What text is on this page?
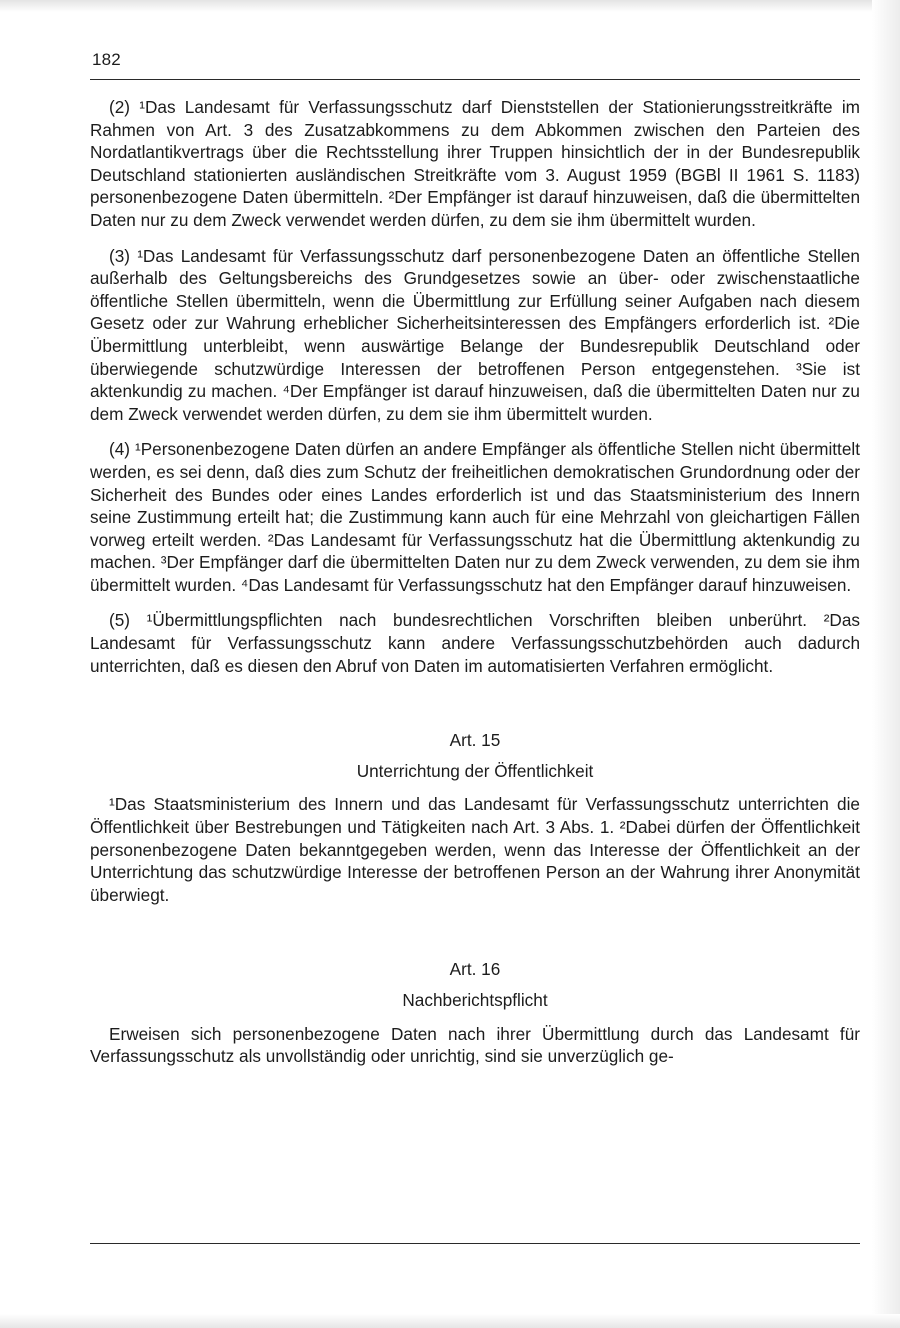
182

(2) ¹Das Landesamt für Verfassungsschutz darf Dienststellen der Stationierungsstreitkräfte im Rahmen von Art. 3 des Zusatzabkommens zu dem Abkommen zwischen den Parteien des Nordatlantikvertrags über die Rechtsstellung ihrer Truppen hinsichtlich der in der Bundesrepublik Deutschland stationierten ausländischen Streitkräfte vom 3. August 1959 (BGBl II 1961 S. 1183) personenbezogene Daten übermitteln. ²Der Empfänger ist darauf hinzuweisen, daß die übermittelten Daten nur zu dem Zweck verwendet werden dürfen, zu dem sie ihm übermittelt wurden.

(3) ¹Das Landesamt für Verfassungsschutz darf personenbezogene Daten an öffentliche Stellen außerhalb des Geltungsbereichs des Grundgesetzes sowie an über- oder zwischenstaatliche öffentliche Stellen übermitteln, wenn die Übermittlung zur Erfüllung seiner Aufgaben nach diesem Gesetz oder zur Wahrung erheblicher Sicherheitsinteressen des Empfängers erforderlich ist. ²Die Übermittlung unterbleibt, wenn auswärtige Belange der Bundesrepublik Deutschland oder überwiegende schutzwürdige Interessen der betroffenen Person entgegenstehen. ³Sie ist aktenkundig zu machen. ⁴Der Empfänger ist darauf hinzuweisen, daß die übermittelten Daten nur zu dem Zweck verwendet werden dürfen, zu dem sie ihm übermittelt wurden.

(4) ¹Personenbezogene Daten dürfen an andere Empfänger als öffentliche Stellen nicht übermittelt werden, es sei denn, daß dies zum Schutz der freiheitlichen demokratischen Grundordnung oder der Sicherheit des Bundes oder eines Landes erforderlich ist und das Staatsministerium des Innern seine Zustimmung erteilt hat; die Zustimmung kann auch für eine Mehrzahl von gleichartigen Fällen vorweg erteilt werden. ²Das Landesamt für Verfassungsschutz hat die Übermittlung aktenkundig zu machen. ³Der Empfänger darf die übermittelten Daten nur zu dem Zweck verwenden, zu dem sie ihm übermittelt wurden. ⁴Das Landesamt für Verfassungsschutz hat den Empfänger darauf hinzuweisen.

(5) ¹Übermittlungspflichten nach bundesrechtlichen Vorschriften bleiben unberührt. ²Das Landesamt für Verfassungsschutz kann andere Verfassungsschutzbehörden auch dadurch unterrichten, daß es diesen den Abruf von Daten im automatisierten Verfahren ermöglicht.

Art. 15

Unterrichtung der Öffentlichkeit

¹Das Staatsministerium des Innern und das Landesamt für Verfassungsschutz unterrichten die Öffentlichkeit über Bestrebungen und Tätigkeiten nach Art. 3 Abs. 1. ²Dabei dürfen der Öffentlichkeit personenbezogene Daten bekanntgegeben werden, wenn das Interesse der Öffentlichkeit an der Unterrichtung das schutzwürdige Interesse der betroffenen Person an der Wahrung ihrer Anonymität überwiegt.

Art. 16

Nachberichtspflicht

Erweisen sich personenbezogene Daten nach ihrer Übermittlung durch das Landesamt für Verfassungsschutz als unvollständig oder unrichtig, sind sie unverzüglich ge-
